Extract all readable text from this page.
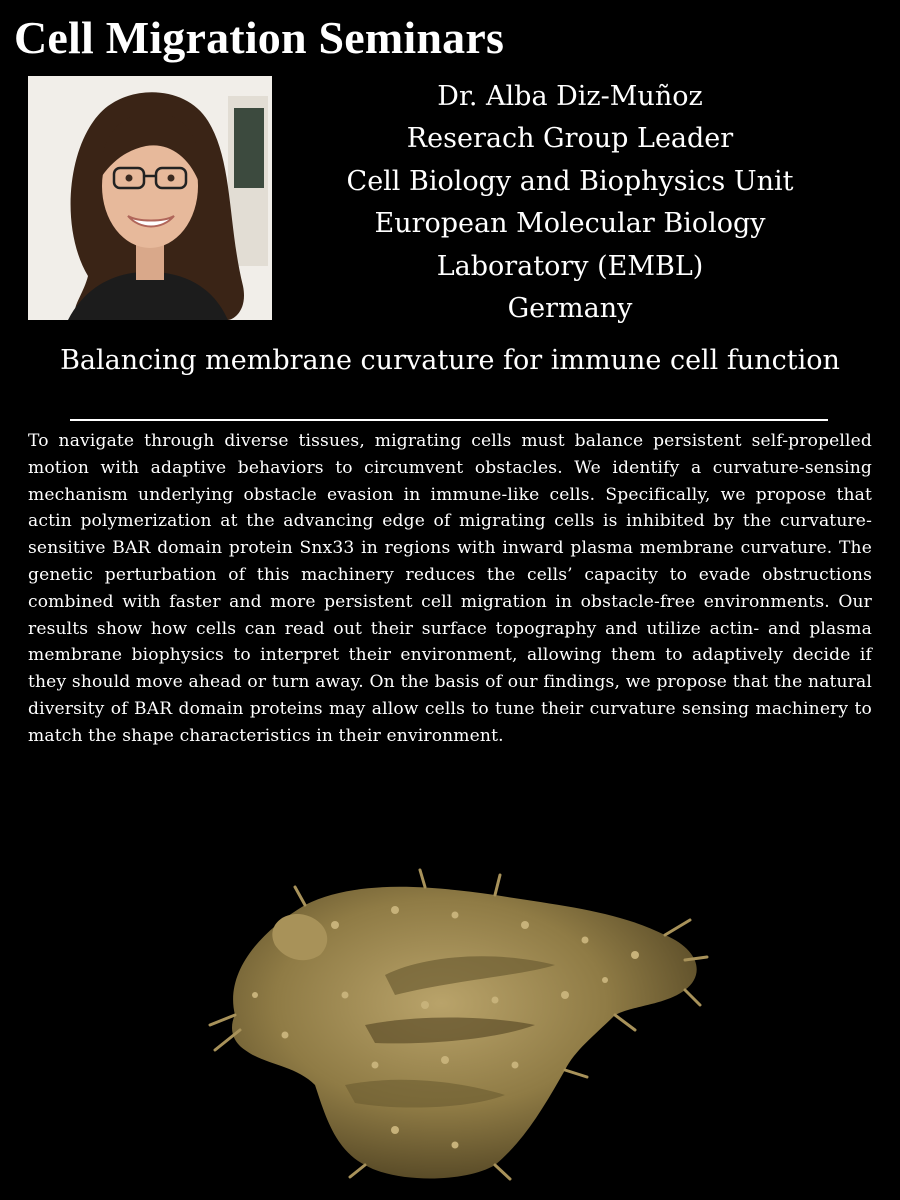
Cell Migration Seminars
Dr. Alba Diz-Muñoz
Reserach Group Leader
Cell Biology and Biophysics Unit
European Molecular Biology
Laboratory (EMBL)
Germany
Balancing membrane curvature for immune cell function

To navigate through diverse tissues, migrating cells must balance persistent self-propelled motion with adaptive behaviors to circumvent obstacles. We identify a curvature-sensing mechanism underlying obstacle evasion in immune-like cells. Specifically, we propose that actin polymerization at the advancing edge of migrating cells is inhibited by the curvature-sensitive BAR domain protein Snx33 in regions with inward plasma membrane curvature. The genetic perturbation of this machinery reduces the cells’ capacity to evade obstructions combined with faster and more persistent cell migration in obstacle-free environments. Our results show how cells can read out their surface topography and utilize actin- and plasma membrane biophysics to interpret their environment, allowing them to adaptively decide if they should move ahead or turn away. On the basis of our findings, we propose that the natural diversity of BAR domain proteins may allow cells to tune their curvature sensing machinery to match the shape characteristics in their environment.
